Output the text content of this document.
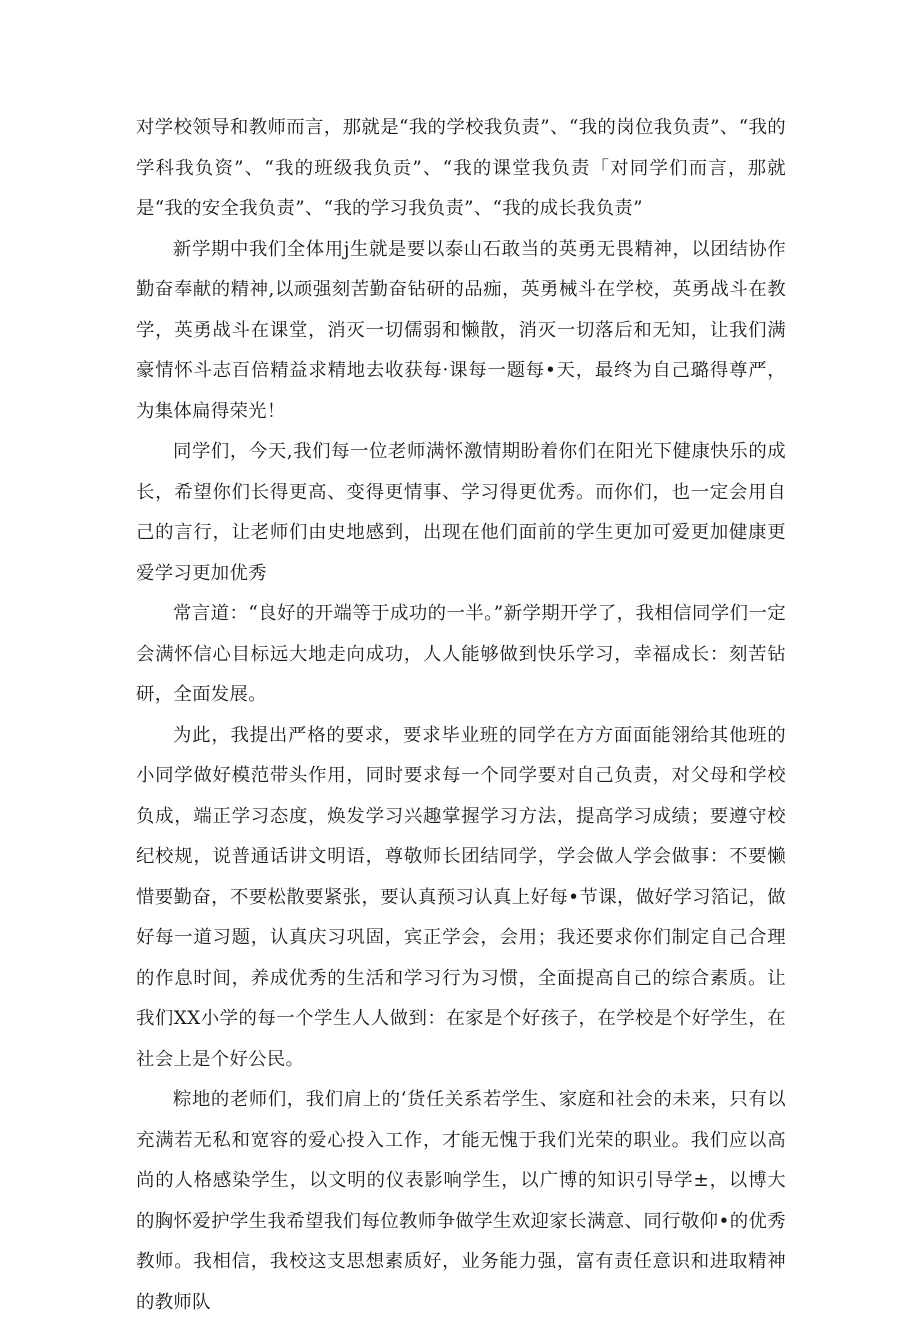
对学校领导和教师而言，那就是“我的学校我负责”、“我的岗位我负责”、“我的学科我负资”、“我的班级我负贡”、“我的课堂我负责「对同学们而言，那就是“我的安全我负责”、“我的学习我负责”、“我的成长我负责”

新学期中我们全体用j生就是要以泰山石敢当的英勇无畏精神，以团结协作勤奋奉献的精神,以顽强刻苦勤奋钻研的品痂，英勇械斗在学校，英勇战斗在教学，英勇战斗在课堂，消灭一切儒弱和懒散，消灭一切落后和无知，让我们满豪情怀斗志百倍精益求精地去收获每·课每一题每•天，最终为自己璐得尊严，为集体扁得荣光！

同学们，今天,我们每一位老师满怀激情期盼着你们在阳光下健康快乐的成长，希望你们长得更高、变得更情事、学习得更优秀。而你们，也一定会用自己的言行，让老师们由史地感到，出现在他们面前的学生更加可爱更加健康更爱学习更加优秀

常言道：“良好的开端等于成功的一半。”新学期开学了，我相信同学们一定会满怀信心目标远大地走向成功，人人能够做到快乐学习，幸福成长：刻苦钻研，全面发展。

为此，我提出严格的要求，要求毕业班的同学在方方面面能翎给其他班的小同学做好模范带头作用，同时要求每一个同学要对自己负责，对父母和学校负成，端正学习态度，焕发学习兴趣掌握学习方法，提高学习成绩；要遵守校纪校规，说普通话讲文明语，尊敬师长团结同学，学会做人学会做事：不要懒惜要勤奋，不要松散要紧张，要认真预习认真上好每•节课，做好学习箔记，做好每一道习题，认真庆习巩固，宾正学会，会用；我还要求你们制定自己合理的作息时间，养成优秀的生活和学习行为习惯，全面提高自己的综合素质。让我们XX小学的每一个学生人人做到：在家是个好孩子，在学校是个好学生，在社会上是个好公民。

粽地的老师们，我们肩上的‘货任关系若学生、家庭和社会的未来，只有以充满若无私和宽容的爱心投入工作，才能无愧于我们光荣的职业。我们应以高尚的人格感染学生，以文明的仪表影响学生，以广博的知识引导学±，以博大的胸怀爱护学生我希望我们每位教师争做学生欢迎家长满意、同行敬仰•的优秀教师。我相信，我校这支思想素质好，业务能力强，富有责任意识和进取精神的教师队
